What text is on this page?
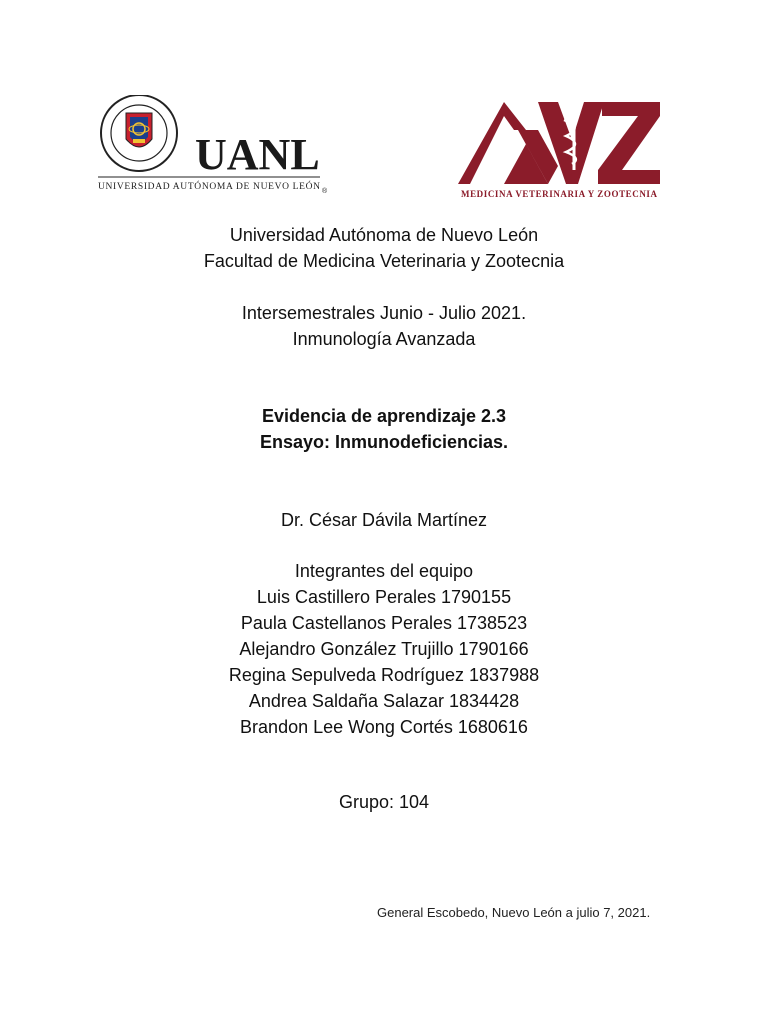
UANL
UNIVERSIDAD AUTÓNOMA DE NUEVO LEÓN ®	MEDICINA VETERINARIA Y ZOOTECNIA
Universidad Autónoma de Nuevo León
Facultad de Medicina Veterinaria y Zootecnia
Intersemestrales Junio - Julio 2021.
Inmunología Avanzada
Evidencia de aprendizaje 2.3
Ensayo: Inmunodeficiencias.
Dr. César Dávila Martínez
Integrantes del equipo
Luis Castillero Perales 1790155
Paula Castellanos Perales 1738523
Alejandro González Trujillo 1790166
Regina Sepulveda Rodríguez 1837988
Andrea Saldaña Salazar 1834428
Brandon Lee Wong Cortés 1680616
Grupo: 104
General Escobedo, Nuevo León a julio 7, 2021.
